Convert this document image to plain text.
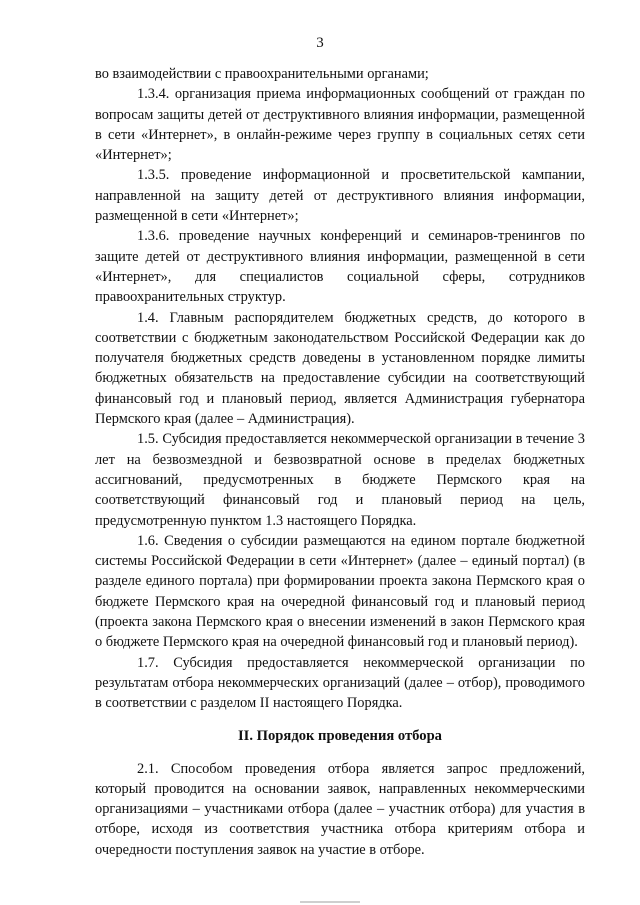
3

во взаимодействии с правоохранительными органами;

1.3.4. организация приема информационных сообщений от граждан по вопросам защиты детей от деструктивного влияния информации, размещенной в сети «Интернет», в онлайн-режиме через группу в социальных сетях сети «Интернет»;

1.3.5. проведение информационной и просветительской кампании, направленной на защиту детей от деструктивного влияния информации, размещенной в сети «Интернет»;

1.3.6. проведение научных конференций и семинаров-тренингов по защите детей от деструктивного влияния информации, размещенной в сети «Интернет», для специалистов социальной сферы, сотрудников правоохранительных структур.

1.4. Главным распорядителем бюджетных средств, до которого в соответствии с бюджетным законодательством Российской Федерации как до получателя бюджетных средств доведены в установленном порядке лимиты бюджетных обязательств на предоставление субсидии на соответствующий финансовый год и плановый период, является Администрация губернатора Пермского края (далее – Администрация).

1.5. Субсидия предоставляется некоммерческой организации в течение 3 лет на безвозмездной и безвозвратной основе в пределах бюджетных ассигнований, предусмотренных в бюджете Пермского края на соответствующий финансовый год и плановый период на цель, предусмотренную пунктом 1.3 настоящего Порядка.

1.6. Сведения о субсидии размещаются на едином портале бюджетной системы Российской Федерации в сети «Интернет» (далее – единый портал) (в разделе единого портала) при формировании проекта закона Пермского края о бюджете Пермского края на очередной финансовый год и плановый период (проекта закона Пермского края о внесении изменений в закон Пермского края о бюджете Пермского края на очередной финансовый год и плановый период).

1.7. Субсидия предоставляется некоммерческой организации по результатам отбора некоммерческих организаций (далее – отбор), проводимого в соответствии с разделом II настоящего Порядка.

II. Порядок проведения отбора

2.1. Способом проведения отбора является запрос предложений, который проводится на основании заявок, направленных некоммерческими организациями – участниками отбора (далее – участник отбора) для участия в отборе, исходя из соответствия участника отбора критериям отбора и очередности поступления заявок на участие в отборе.
